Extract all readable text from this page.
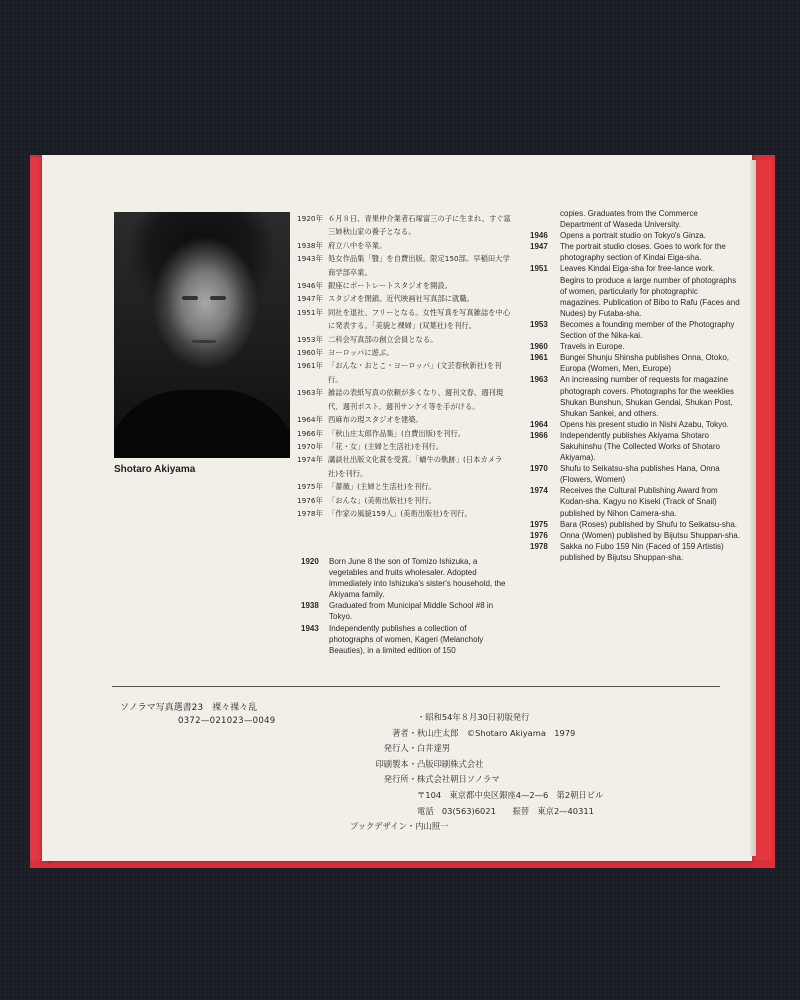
Shotaro Akiyama
1920年 ６月８日、青果仲介業者石塚富三の子に生まれ、すぐ富三姉秋山家の養子となる。
1938年 府立八中を卒業。
1943年 処女作品集「翳」を自費出版。限定150部。早稲田大学商学部卒業。
1946年 銀座にポートレートスタジオを開設。
1947年 スタジオを閉鎖。近代映画社写真部に就職。
1951年 同社を退社、フリーとなる。女性写真を写真雑誌を中心に発表する。「美貌と裸婦」(双葉社)を刊行。
1953年 二科会写真部の創立会員となる。
1960年 ヨーロッパに遊ぶ。
1961年 「おんな・おとこ・ヨーロッパ」(文芸春秋新社)を刊行。
1963年 雑誌の表紙写真の依頼が多くなり、週刊文春、週刊現代、週刊ポスト、週刊サンケイ等を手がける。
1964年 西麻布の現スタジオを建築。
1966年 「秋山庄太郎作品集」(自費出版)を刊行。
1970年 「花・女」(主婦と生活社)を刊行。
1974年 講談社出版文化賞を受賞。「蝸牛の軌跡」(日本カメラ社)を刊行。
1975年 「薔薇」(主婦と生活社)を刊行。
1976年 「おんな」(美術出版社)を刊行。
1978年 「作家の風貌159人」(美術出版社)を刊行。
1920	Born June 8 the son of Tomizo Ishizuka, a vegetables and fruits wholesaler. Adopted immediately into Ishizuka's sister's household, the Akiyama family.
1938	Graduated from Municipal Middle School #8 in Tokyo.
1943	Independently publishes a collection of photographs of women, Kageri (Melancholy Beauties), in a limited edition of 150
copies. Graduates from the Commerce Department of Waseda University.
1946	Opens a portrait studio on Tokyo's Ginza.
1947	The portrait studio closes. Goes to work for the photography section of Kindai Eiga-sha.
1951	Leaves Kindai Eiga-sha for free-lance work. Begins to produce a large number of photographs of women, particularly for photographic magazines. Publication of Bibo to Rafu (Faces and Nudes) by Futaba-sha.
1953	Becomes a founding member of the Photography Section of the Nika-kai.
1960	Travels in Europe.
1961	Bungei Shunju Shinsha publishes Onna, Otoko, Europa (Women, Men, Europe)
1963	An increasing number of requests for magazine photograph covers. Photographs for the weeklies Shukan Bunshun, Shukan Gendai, Shukan Post, Shukan Sankei, and others.
1964	Opens his present studio in Nishi Azabu, Tokyo.
1966	Independently publishes Akiyama Shotaro Sakuhinshu (The Collected Works of Shotaro Akiyama).
1970	Shufu to Seikatsu-sha publishes Hana, Onna (Flowers, Women)
1974	Receives the Cultural Publishing Award from Kodan-sha. Kagyu no Kiseki (Track of Snail) published by Nihon Camera-sha.
1975	Bara (Roses) published by Shufu to Seikatsu-sha.
1976	Onna (Women) published by Bijutsu Shuppan-sha.
1978	Sakka no Fubo 159 Nin (Faced of 159 Artistis) published by Bijutsu Shuppan-sha.
ソノラマ写真選書23　裸々裸々乱
0372—021023—0049	・昭和54年８月30日初版発行
著者・秋山庄太郎　©Shotaro Akiyama　1979
発行人・白井達男
印刷製本・凸版印刷株式会社
発行所・株式会社朝日ソノラマ
〒104　東京都中央区銀座4—2—6　第2朝日ビル
電話　03(563)6021　　振替　東京2—40311
ブックデザイン・内山照一
